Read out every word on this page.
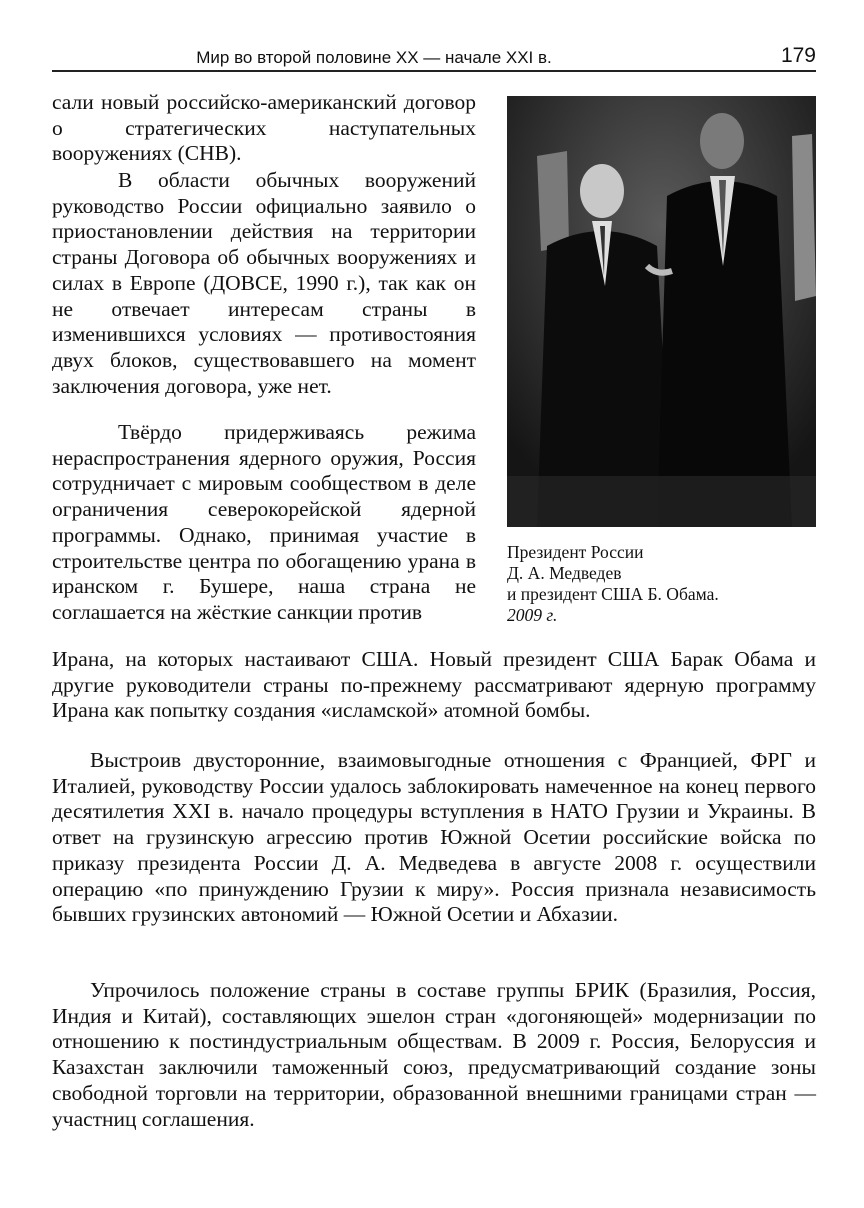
Мир во второй половине XX — начале XXI в.	179

сали новый российско-американский договор о стратегических наступательных вооружениях (СНВ).

В области обычных вооружений руководство России официально заявило о приостановлении действия на территории страны Договора об обычных вооружениях и силах в Европе (ДОВСЕ, 1990 г.), так как он не отвечает интересам страны в изменившихся условиях — противостояния двух блоков, существовавшего на момент заключения договора, уже нет.

Твёрдо придерживаясь режима нераспространения ядерного оружия, Россия сотрудничает с мировым сообществом в деле ограничения северокорейской ядерной программы. Однако, принимая участие в строительстве центра по обогащению урана в иранском г. Бушере, наша страна не соглашается на жёсткие санкции против

Ирана, на которых настаивают США. Новый президент США Барак Обама и другие руководители страны по-прежнему рассматривают ядерную программу Ирана как попытку создания «исламской» атомной бомбы.

Выстроив двусторонние, взаимовыгодные отношения с Францией, ФРГ и Италией, руководству России удалось заблокировать намеченное на конец первого десятилетия XXI в. начало процедуры вступления в НАТО Грузии и Украины. В ответ на грузинскую агрессию против Южной Осетии российские войска по приказу президента России Д. А. Медведева в августе 2008 г. осуществили операцию «по принуждению Грузии к миру». Россия признала независимость бывших грузинских автономий — Южной Осетии и Абхазии.

Упрочилось положение страны в составе группы БРИК (Бразилия, Россия, Индия и Китай), составляющих эшелон стран «догоняющей» модернизации по отношению к постиндустриальным обществам. В 2009 г. Россия, Белоруссия и Казахстан заключили таможенный союз, предусматривающий создание зоны свободной торговли на территории, образованной внешними границами стран — участниц соглашения.

Президент России
Д. А. Медведев
и президент США Б. Обама.
2009 г.
